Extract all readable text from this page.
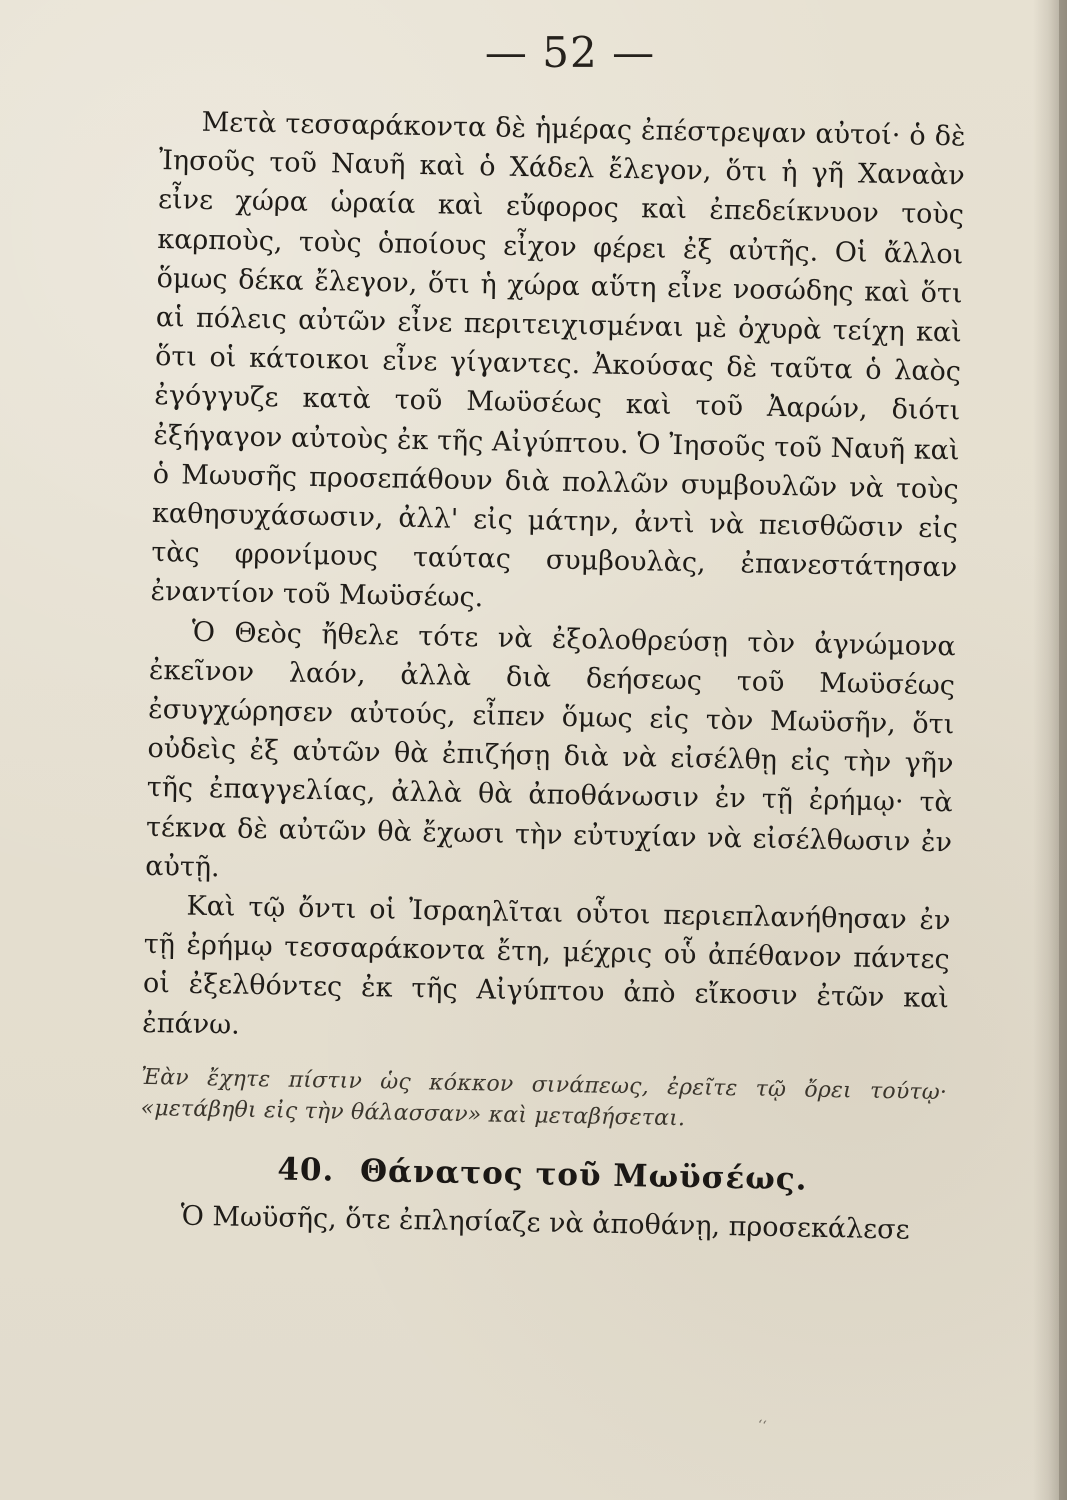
— 52 —

Μετὰ τεσσαράκοντα δὲ ἡμέρας ἐπέστρεψαν αὐτοί· ὁ δὲ Ἰησοῦς τοῦ Ναυῆ καὶ ὁ Χάδελ ἔλεγον, ὅτι ἡ γῆ Χαναὰν εἶνε χώρα ὡραία καὶ εὔφορος καὶ ἐπεδείκνυον τοὺς καρποὺς, τοὺς ὁποίους εἶχον φέρει ἐξ αὐτῆς. Οἱ ἄλλοι ὅμως δέκα ἔλεγον, ὅτι ἡ χώρα αὕτη εἶνε νοσώδης καὶ ὅτι αἱ πόλεις αὐτῶν εἶνε περιτειχισμέναι μὲ ὀχυρὰ τείχη καὶ ὅτι οἱ κάτοικοι εἶνε γίγαντες. Ἀκούσας δὲ ταῦτα ὁ λαὸς ἐγόγγυζε κατὰ τοῦ Μωϋσέως καὶ τοῦ Ἀαρών, διότι ἐξήγαγον αὐτοὺς ἐκ τῆς Αἰγύπτου. Ὁ Ἰησοῦς τοῦ Ναυῆ καὶ ὁ Μωυσῆς προσεπάθουν διὰ πολλῶν συμβουλῶν νὰ τοὺς καθησυχάσωσιν, ἀλλ' εἰς μάτην, ἀντὶ νὰ πεισθῶσιν εἰς τὰς φρονίμους ταύτας συμβουλὰς, ἐπανεστάτησαν ἐναντίον τοῦ Μωϋσέως.

Ὁ Θεὸς ἤθελε τότε νὰ ἐξολοθρεύσῃ τὸν ἀγνώμονα ἐκεῖνον λαόν, ἀλλὰ διὰ δεήσεως τοῦ Μωϋσέως ἐσυγχώρησεν αὐτούς, εἶπεν ὅμως εἰς τὸν Μωϋσῆν, ὅτι οὐδεὶς ἐξ αὐτῶν θὰ ἐπιζήσῃ διὰ νὰ εἰσέλθῃ εἰς τὴν γῆν τῆς ἐπαγγελίας, ἀλλὰ θὰ ἀποθάνωσιν ἐν τῇ ἐρήμῳ· τὰ τέκνα δὲ αὐτῶν θὰ ἔχωσι τὴν εὐτυχίαν νὰ εἰσέλθωσιν ἐν αὐτῇ.

Καὶ τῷ ὄντι οἱ Ἰσραηλῖται οὗτοι περιεπλανήθησαν ἐν τῇ ἐρήμῳ τεσσαράκοντα ἔτη, μέχρις οὗ ἀπέθανον πάντες οἱ ἐξελθόντες ἐκ τῆς Αἰγύπτου ἀπὸ εἴκοσιν ἐτῶν καὶ ἐπάνω.

Ἐὰν ἔχητε πίστιν ὡς κόκκον σινάπεως, ἐρεῖτε τῷ ὄρει τούτῳ· «μετάβηθι εἰς τὴν θάλασσαν» καὶ μεταβήσεται.

40. Θάνατος τοῦ Μωϋσέως.

Ὁ Μωϋσῆς, ὅτε ἐπλησίαζε νὰ ἀποθάνῃ, προσεκάλεσε

‘‘
